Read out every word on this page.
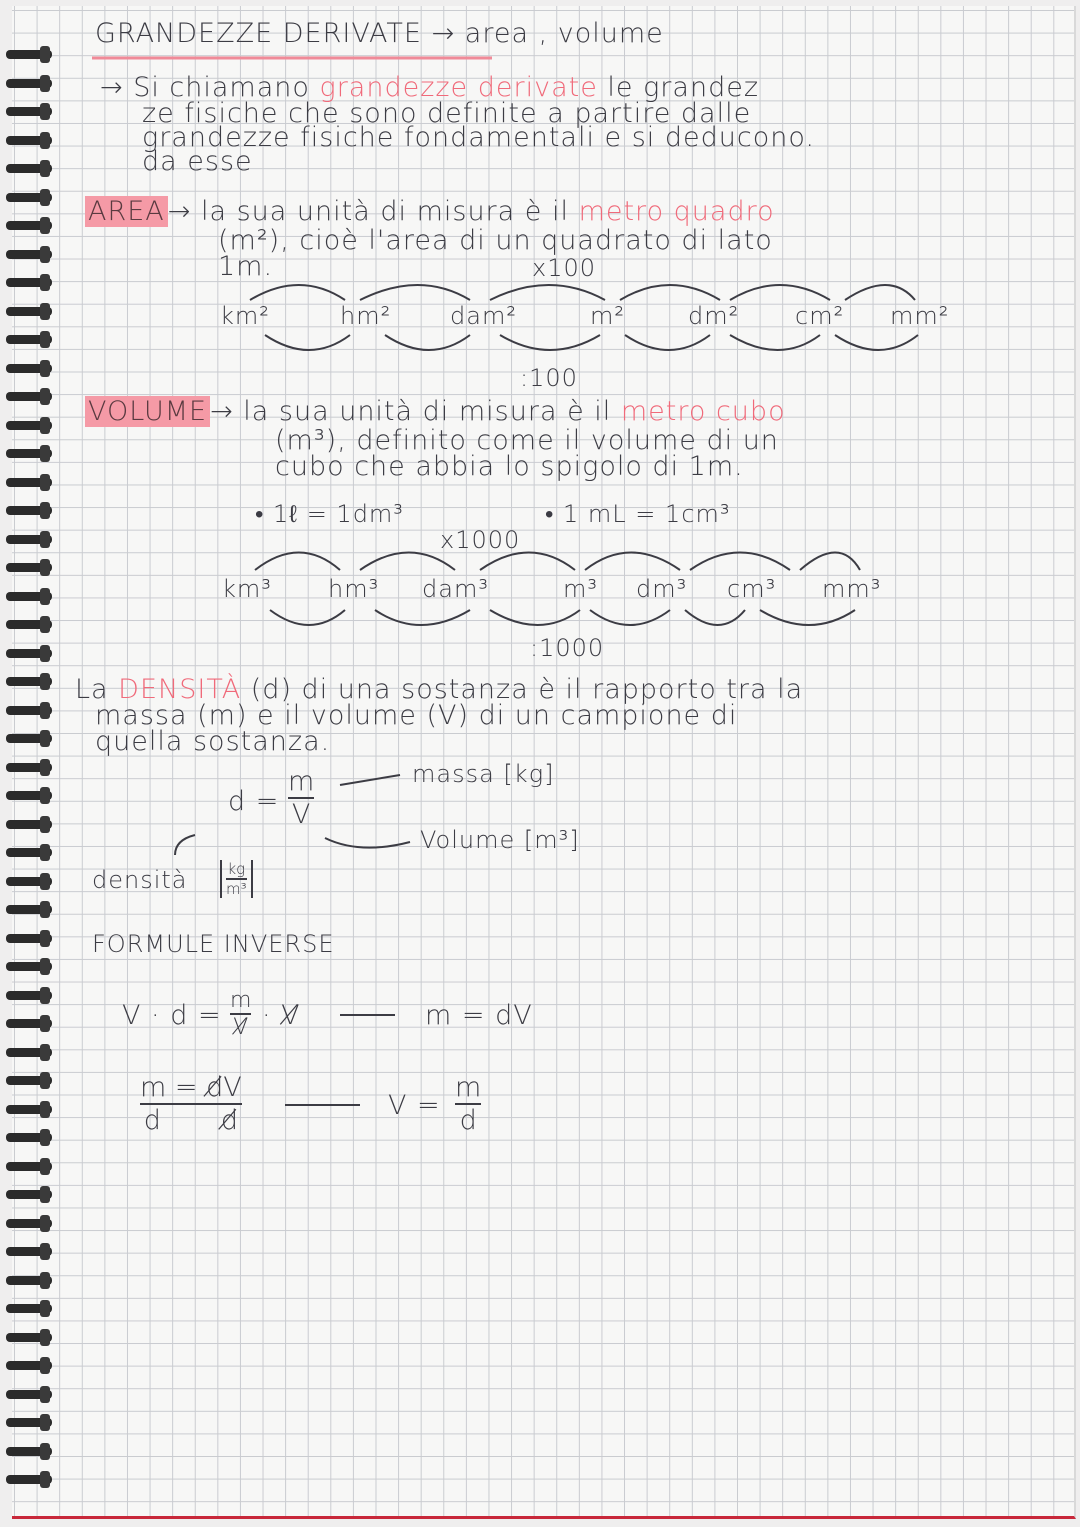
GRANDEZZE DERIVATE → area , volume
→ Si chiamano grandezze derivate le grandez
ze fisiche che sono definite a partire dalle
grandezze fisiche fondamentali e si deducono.
da esse
AREA → la sua unità di misura è il metro quadro
(m²), cioè l'area di un quadrato di lato
1m.	x100
km²	hm² dam²	m²	dm² cm² mm²
:100
VOLUME → la sua unità di misura è il metro cubo
(m³), definito come il volume di un
cubo che abbia lo spigolo di 1m.
• 1ℓ = 1dm³	• 1 mL = 1cm³
x1000
km³ hm³ dam³	m³ dm³ cm³ mm³
:1000
La DENSITÀ (d) di una sostanza è il rapporto tra la
massa (m) e il volume (V) di un campione di
quella sostanza.
d =
m
V
massa [kg]
Volume [m³]
densità	kg
m³
FORMULE INVERSE
V · d = m
V̸ · V̸	m = dV
m = d̸V
d d̸	V =
m
d
